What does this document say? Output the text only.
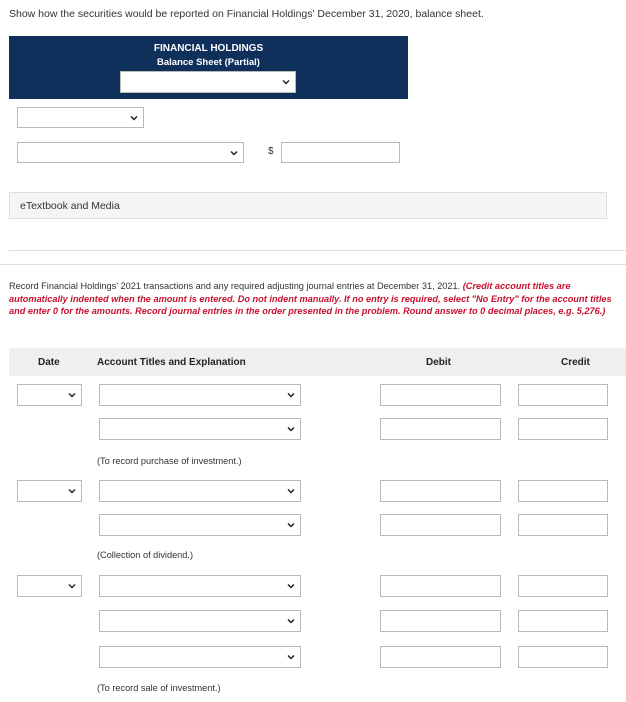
Show how the securities would be reported on Financial Holdings' December 31, 2020, balance sheet.
FINANCIAL HOLDINGS
Balance Sheet (Partial)
$
eTextbook and Media
Record Financial Holdings' 2021 transactions and any required adjusting journal entries at December 31, 2021. (Credit account titles are automatically indented when the amount is entered. Do not indent manually. If no entry is required, select "No Entry" for the account titles and enter 0 for the amounts. Record journal entries in the order presented in the problem. Round answer to 0 decimal places, e.g. 5,276.)
Date	Account Titles and Explanation	Debit	Credit
(To record purchase of investment.)
(Collection of dividend.)
(To record sale of investment.)
